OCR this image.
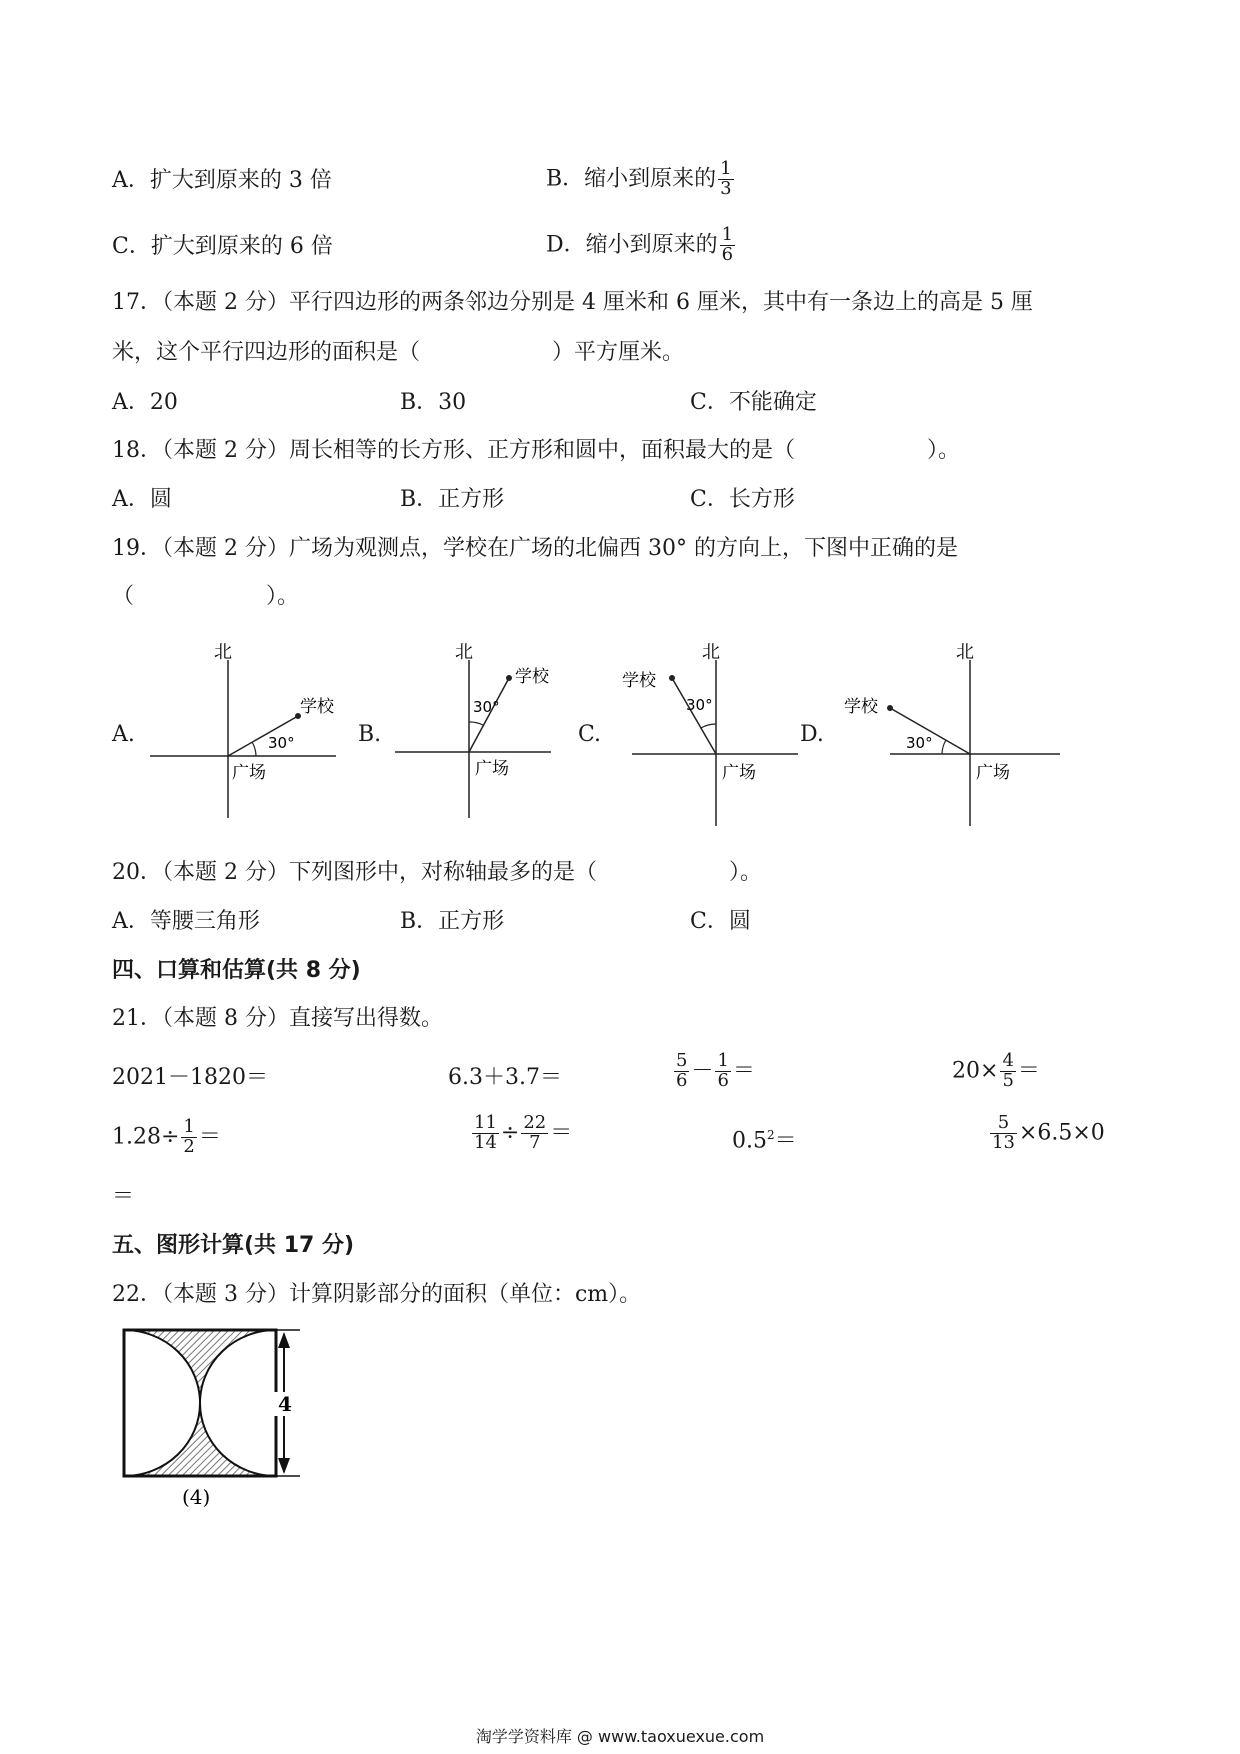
A．扩大到原来的 3 倍	B．缩小到原来的 $\frac{1}{3}$
C．扩大到原来的 6 倍	D．缩小到原来的 $\frac{1}{6}$
17．（本题 2 分）平行四边形的两条邻边分别是 4 厘米和 6 厘米，其中有一条边上的高是 5 厘
米，这个平行四边形的面积是（　　　　　　）平方厘米。
A．20	B．30	C．不能确定
18．（本题 2 分）周长相等的长方形、正方形和圆中，面积最大的是（　　　　　　）。
A．圆	B．正方形	C．长方形
19．（本题 2 分）广场为观测点，学校在广场的北偏西 30° 的方向上，下图中正确的是
（　　　　　　）。
A.	B.	C.	D.
北
学校
广场
30°
北
学校
广场
30°
北
学校
广场
30°
北
学校
广场
30°
20．（本题 2 分）下列图形中，对称轴最多的是（　　　　　　）。
A．等腰三角形	B．正方形	C．圆
四、口算和估算(共 8 分)
21．（本题 8 分）直接写出得数。
2021－1820＝	6.3＋3.7＝	$\frac{5}{6} - \frac{1}{6}$ ＝	$20\times \frac{4}{5}$ ＝
$1.28\div \frac{1}{2}$ ＝	$\frac{11}{14} \div \frac{22}{7}$ ＝	$0.5^2=$	$\frac{5}{13} \times 6.5\times 0$
＝
五、图形计算(共 17 分)
22．（本题 3 分）计算阴影部分的面积（单位：cm）。
4
(4)
淘学学资料库 @ www.taoxuexue.com
